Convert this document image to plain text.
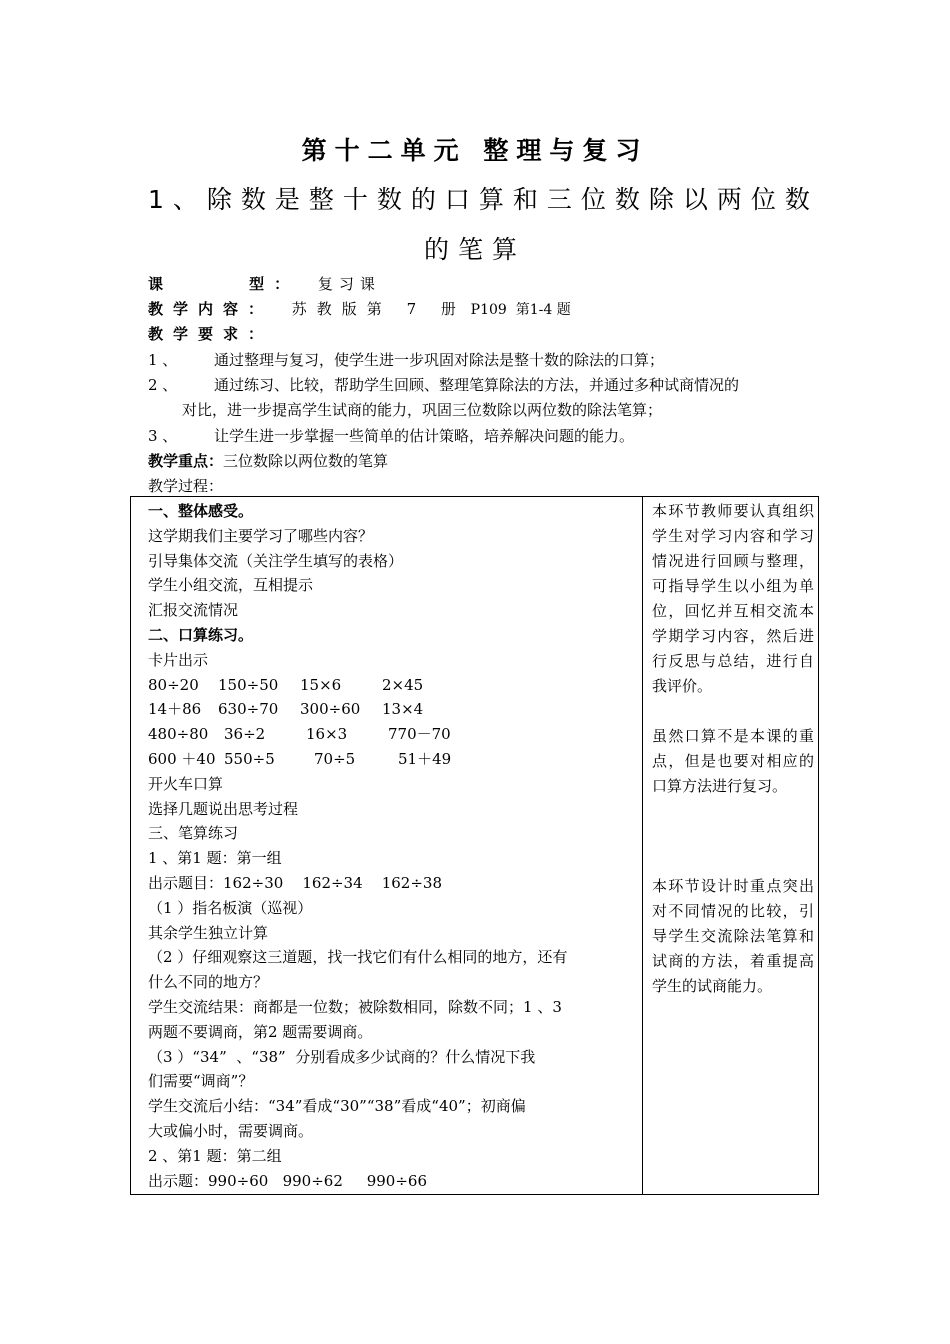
第十二单元 整理与复习
1、除数是整十数的口算和三位数除以两位数
的笔算
课     型： 复习课
教学内容： 苏教版第 7 册 P109  第1-4 题
教学要求：
1 、 通过整理与复习，使学生进一步巩固对除法是整十数的除法的口算；
2 、 通过练习、比较，帮助学生回顾、整理笔算除法的方法，并通过多种试商情况的
对比，进一步提高学生试商的能力，巩固三位数除以两位数的除法笔算；
3 、 让学生进一步掌握一些简单的估计策略，培养解决问题的能力。
教学重点：三位数除以两位数的笔算
教学过程：
一、整体感受。
这学期我们主要学习了哪些内容？
引导集体交流（关注学生填写的表格）
学生小组交流，互相提示
汇报交流情况
二、口算练习。
卡片出示
80÷20 150÷50 15×6	2×45
14＋86 630÷70 300÷60 13×4
480÷80 36÷2	16×3	770－70
600 ＋40 550÷5	70÷5	51＋49
开火车口算
选择几题说出思考过程
三、笔算练习
1 、第1 题：第一组
出示题目：162÷30    162÷34    162÷38
（1 ）指名板演（巡视）
其余学生独立计算
（2 ）仔细观察这三道题，找一找它们有什么相同的地方，还有
什么不同的地方？
学生交流结果：商都是一位数；被除数相同，除数不同；1 、3
两题不要调商，第2 题需要调商。
（3 ）“34”  、“38”  分别看成多少试商的？什么情况下我
们需要“调商”？
学生交流后小结：“34”看成“30”“38”看成“40”；初商偏
大或偏小时，需要调商。
2 、第1 题：第二组
出示题：990÷60   990÷62     990÷66

本环节教师要认真组织学生对学习内容和学习情况进行回顾与整理，可指导学生以小组为单位，回忆并互相交流本学期学习内容，然后进行反思与总结，进行自我评价。

虽然口算不是本课的重点，但是也要对相应的口算方法进行复习。

本环节设计时重点突出对不同情况的比较，引导学生交流除法笔算和试商的方法，着重提高学生的试商能力。
